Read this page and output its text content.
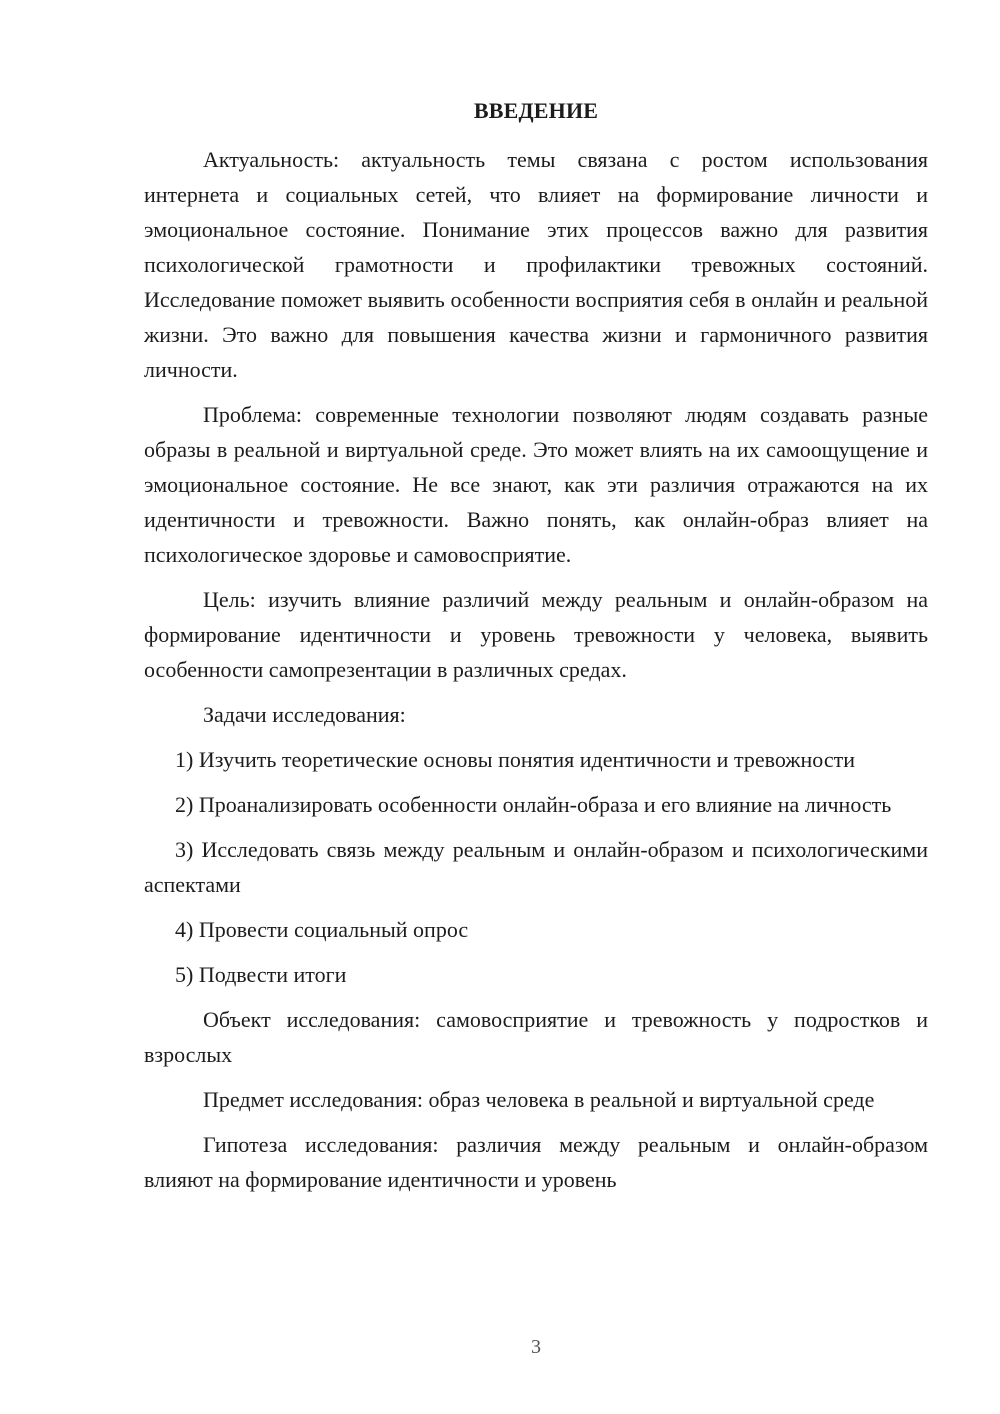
ВВЕДЕНИЕ

Актуальность: актуальность темы связана с ростом использования интернета и социальных сетей, что влияет на формирование личности и эмоциональное состояние. Понимание этих процессов важно для развития психологической грамотности и профилактики тревожных состояний. Исследование поможет выявить особенности восприятия себя в онлайн и реальной жизни. Это важно для повышения качества жизни и гармоничного развития личности.

Проблема: современные технологии позволяют людям создавать разные образы в реальной и виртуальной среде. Это может влиять на их самоощущение и эмоциональное состояние. Не все знают, как эти различия отражаются на их идентичности и тревожности. Важно понять, как онлайн-образ влияет на психологическое здоровье и самовосприятие.

Цель: изучить влияние различий между реальным и онлайн-образом на формирование идентичности и уровень тревожности у человека, выявить особенности самопрезентации в различных средах.

Задачи исследования:

1) Изучить теоретические основы понятия идентичности и тревожности

2) Проанализировать особенности онлайн-образа и его влияние на личность

3) Исследовать связь между реальным и онлайн-образом и психологическими аспектами

4) Провести социальный опрос

5) Подвести итоги

Объект исследования: самовосприятие и тревожность у подростков и взрослых

Предмет исследования: образ человека в реальной и виртуальной среде

Гипотеза исследования: различия между реальным и онлайн-образом влияют на формирование идентичности и уровень

3
